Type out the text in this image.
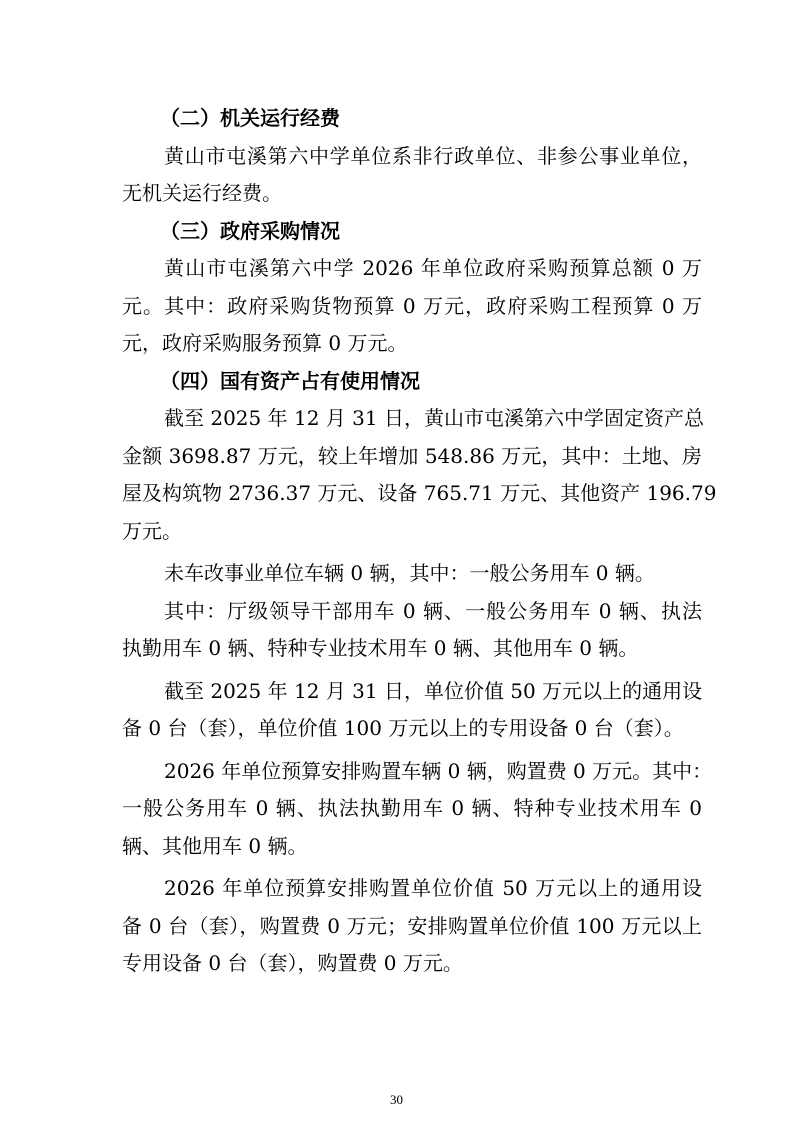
（二）机关运行经费
黄山市屯溪第六中学单位系非行政单位、非参公事业单位，
无机关运行经费。
（三）政府采购情况
黄山市屯溪第六中学 2026 年单位政府采购预算总额 0 万
元。其中：政府采购货物预算 0 万元，政府采购工程预算 0 万
元，政府采购服务预算 0 万元。
（四）国有资产占有使用情况
截至 2025 年 12 月 31 日，黄山市屯溪第六中学固定资产总
金额 3698.87 万元，较上年增加 548.86 万元，其中：土地、房
屋及构筑物 2736.37 万元、设备 765.71 万元、其他资产 196.79
万元。
未车改事业单位车辆 0 辆，其中：一般公务用车 0 辆。
其中：厅级领导干部用车 0 辆、一般公务用车 0 辆、执法
执勤用车 0 辆、特种专业技术用车 0 辆、其他用车 0 辆。
截至 2025 年 12 月 31 日，单位价值 50 万元以上的通用设
备 0 台（套），单位价值 100 万元以上的专用设备 0 台（套）。
2026 年单位预算安排购置车辆 0 辆，购置费 0 万元。其中：
一般公务用车 0 辆、执法执勤用车 0 辆、特种专业技术用车 0
辆、其他用车 0 辆。
2026 年单位预算安排购置单位价值 50 万元以上的通用设
备 0 台（套），购置费 0 万元；安排购置单位价值 100 万元以上
专用设备 0 台（套），购置费 0 万元。
30
